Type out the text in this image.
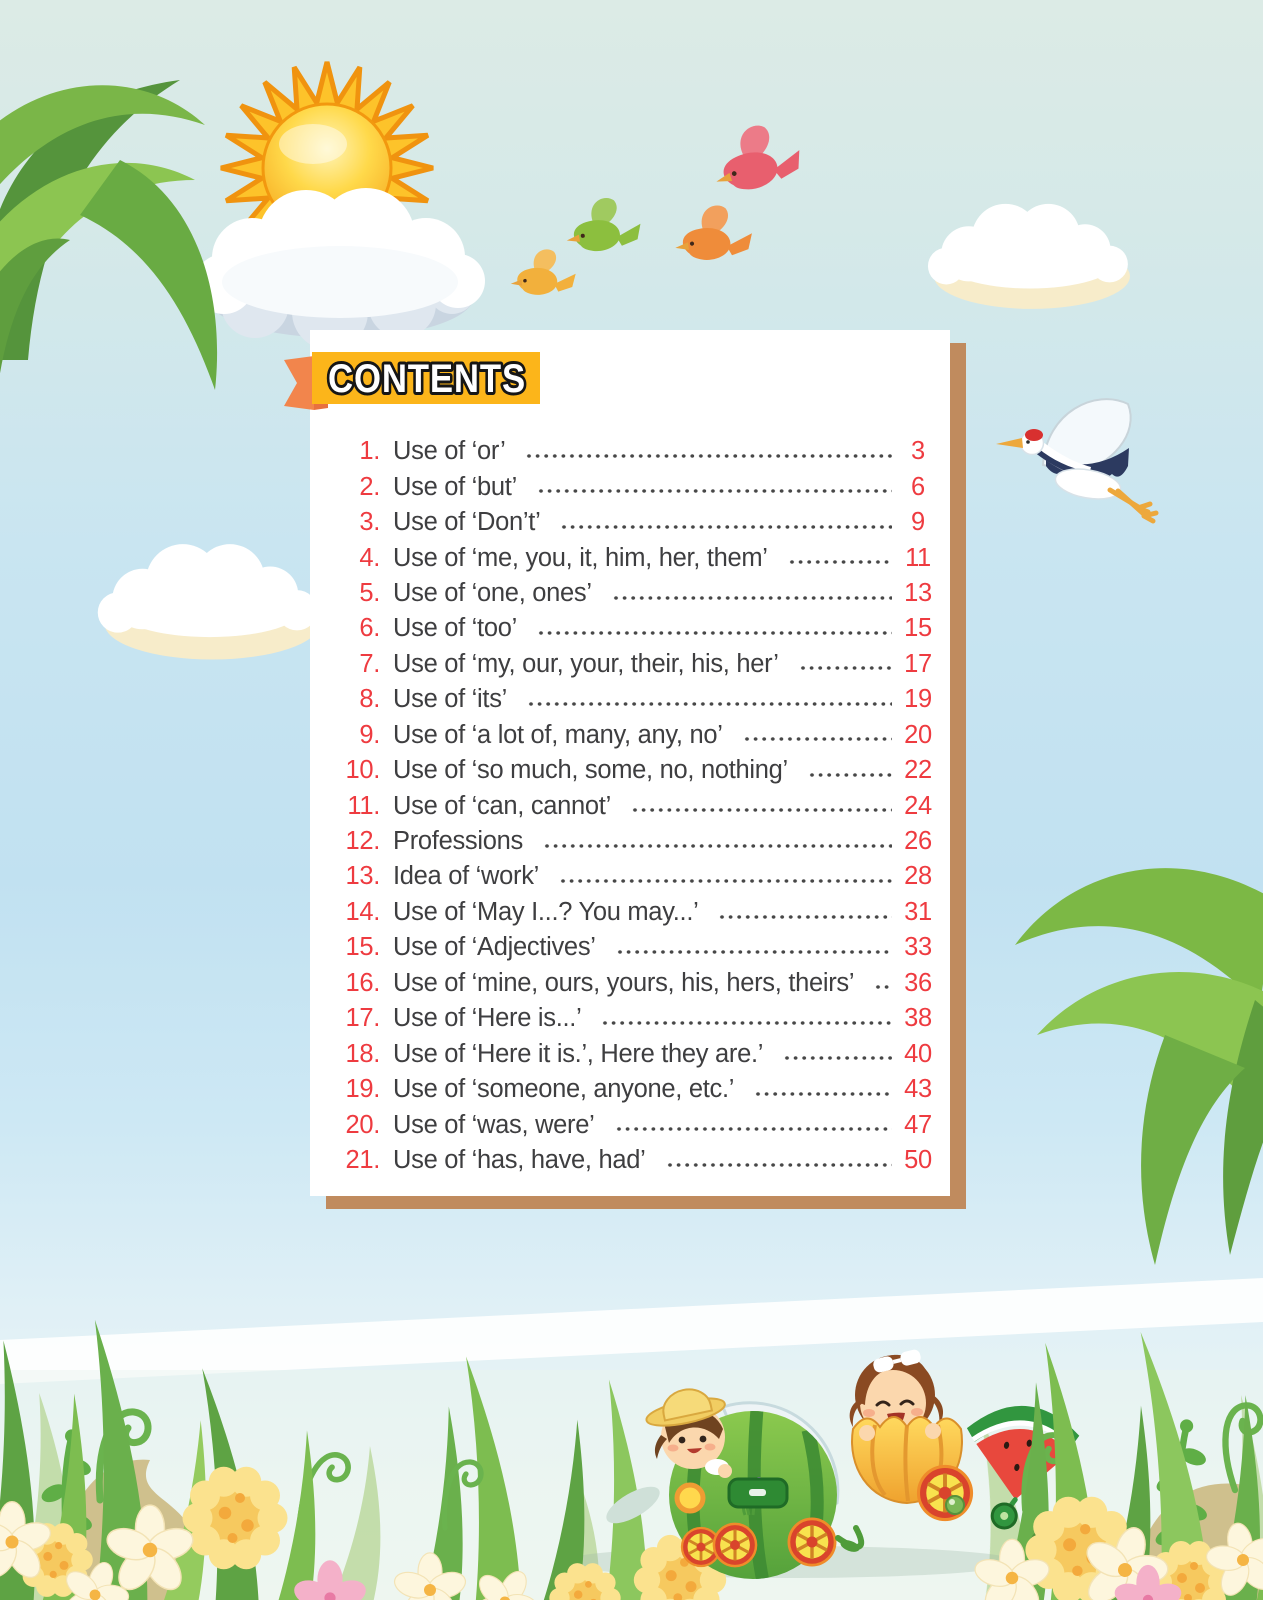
CONTENTS
1. Use of ‘or’	3
2. Use of ‘but’	6
3. Use of ‘Don’t’	9
4. Use of ‘me, you, it, him, her, them’	11
5. Use of ‘one, ones’	13
6. Use of ‘too’	15
7. Use of ‘my, our, your, their, his, her’	17
8. Use of ‘its’	19
9. Use of ‘a lot of, many, any, no’	20
10. Use of ‘so much, some, no, nothing’	22
11. Use of ‘can, cannot’	24
12. Professions	26
13. Idea of ‘work’	28
14. Use of ‘May I...? You may...’	31
15. Use of ‘Adjectives’	33
16. Use of ‘mine, ours, yours, his, hers, theirs’ 36
17. Use of ‘Here is...’	38
18. Use of ‘Here it is.’, Here they are.’	40
19. Use of ‘someone, anyone, etc.’	43
20. Use of ‘was, were’	47
21. Use of ‘has, have, had’	50
